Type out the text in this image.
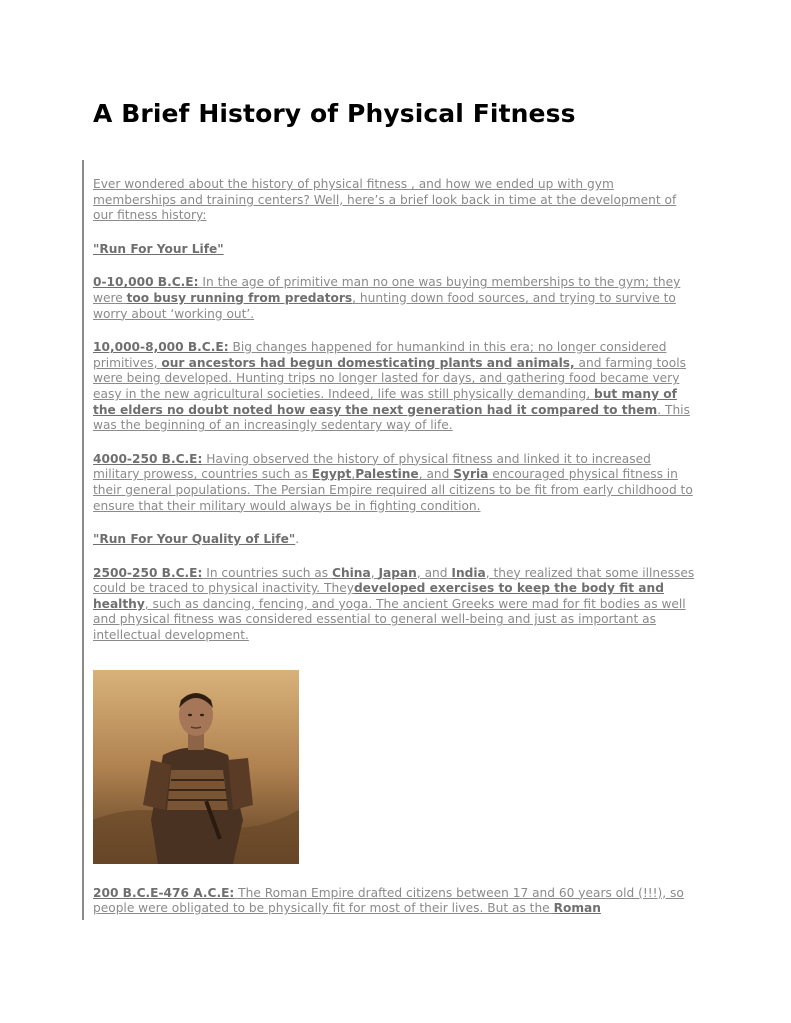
A Brief History of Physical Fitness

Ever wondered about the history of physical fitness , and how we ended up with gym memberships and training centers? Well, here’s a brief look back in time at the development of our fitness history:

"Run For Your Life"

0-10,000 B.C.E: In the age of primitive man no one was buying memberships to the gym; they were too busy running from predators, hunting down food sources, and trying to survive to worry about ‘working out’.

10,000-8,000 B.C.E: Big changes happened for humankind in this era; no longer considered primitives, our ancestors had begun domesticating plants and animals, and farming tools were being developed. Hunting trips no longer lasted for days, and gathering food became very easy in the new agricultural societies. Indeed, life was still physically demanding, but many of the elders no doubt noted how easy the next generation had it compared to them. This was the beginning of an increasingly sedentary way of life.

4000-250 B.C.E: Having observed the history of physical fitness and linked it to increased military prowess, countries such as Egypt,Palestine, and Syria encouraged physical fitness in their general populations. The Persian Empire required all citizens to be fit from early childhood to ensure that their military would always be in fighting condition.

"Run For Your Quality of Life".

2500-250 B.C.E: In countries such as China, Japan, and India, they realized that some illnesses could be traced to physical inactivity. Theydeveloped exercises to keep the body fit and healthy, such as dancing, fencing, and yoga. The ancient Greeks were mad for fit bodies as well and physical fitness was considered essential to general well-being and just as important as intellectual development.

200 B.C.E-476 A.C.E: The Roman Empire drafted citizens between 17 and 60 years old (!!!), so people were obligated to be physically fit for most of their lives. But as the Roman
